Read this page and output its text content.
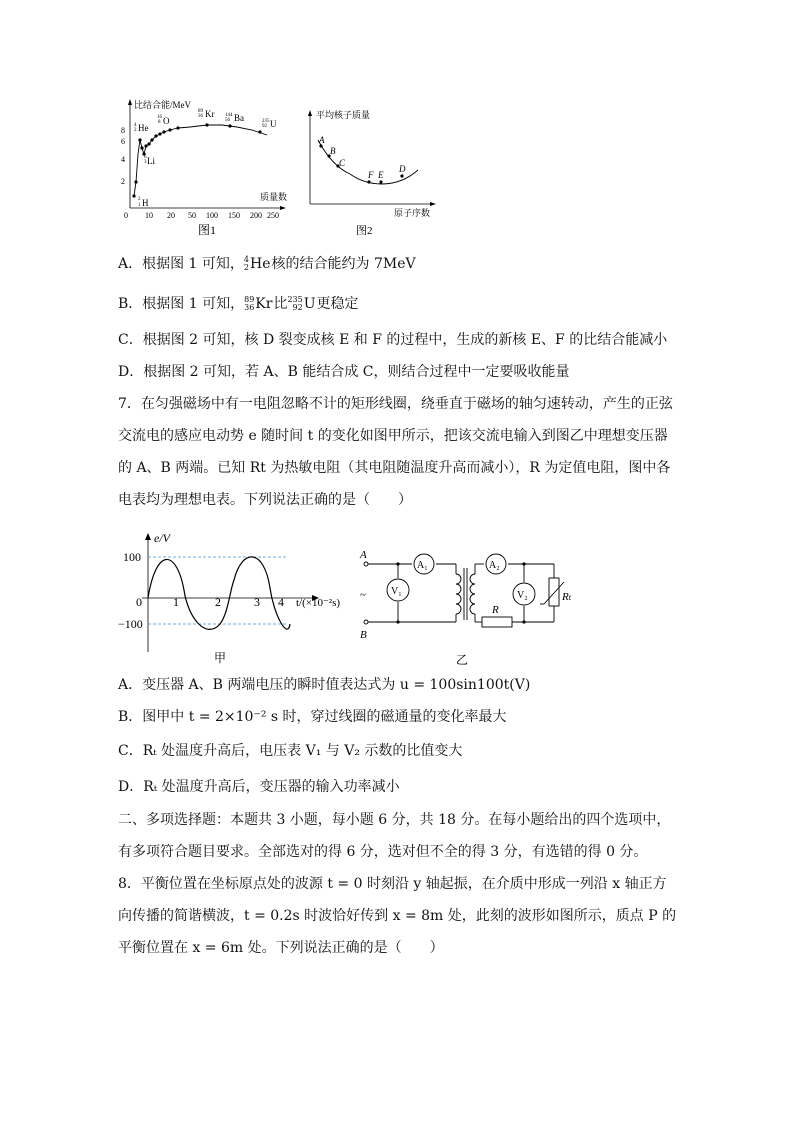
比结合能/MeV
质量数
2
4
6
8
0 10 20 50 100 150 200 250
2
1 H
6
3 Li
4
2 He
16
8 O
89
36 Kr 144
56 Ba	235
92 U
图1
平均核子质量
原子序数
A
B
C
F E
D
图2
A．根据图 1 可知，4
2He核的结合能约为 7MeV
B．根据图 1 可知，89
36Kr比235
92U更稳定
C．根据图 2 可知，核 D 裂变成核 E 和 F 的过程中，生成的新核 E、F 的比结合能减小
D．根据图 2 可知，若 A、B 能结合成 C，则结合过程中一定要吸收能量
7．在匀强磁场中有一电阻忽略不计的矩形线圈，绕垂直于磁场的轴匀速转动，产生的正弦交流电的感应电动势 e 随时间 t 的变化如图甲所示，把该交流电输入到图乙中理想变压器的 A、B 两端。已知 Rt 为热敏电阻（其电阻随温度升高而减小），R 为定值电阻，图中各电表均为理想电表。下列说法正确的是（　　）
e/V
100
−100
0	1	2	3 4 t/(×10⁻²s)
甲
A
B
~
A₁	A₂
V₁	V₂
R
Rₜ
乙
A．变压器 A、B 两端电压的瞬时值表达式为 u = 100sin100t(V)
B．图甲中 t = 2×10⁻² s 时，穿过线圈的磁通量的变化率最大
C．Rₜ 处温度升高后，电压表 V₁ 与 V₂ 示数的比值变大
D．Rₜ 处温度升高后，变压器的输入功率减小
二、多项选择题：本题共 3 小题，每小题 6 分，共 18 分。在每小题给出的四个选项中，有多项符合题目要求。全部选对的得 6 分，选对但不全的得 3 分，有选错的得 0 分。
8．平衡位置在坐标原点处的波源 t = 0 时刻沿 y 轴起振，在介质中形成一列沿 x 轴正方向传播的简谐横波，t = 0.2s 时波恰好传到 x = 8m 处，此刻的波形如图所示，质点 P 的平衡位置在 x = 6m 处。下列说法正确的是（　　）
